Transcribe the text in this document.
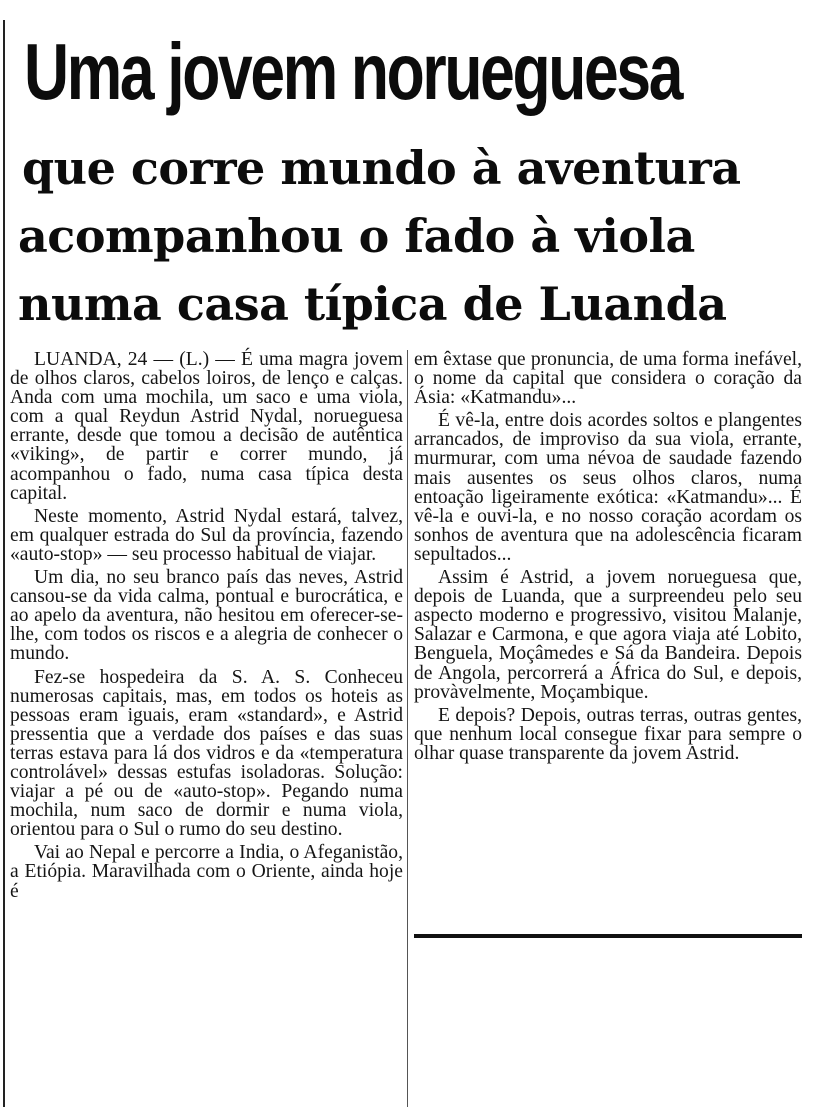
Uma jovem norueguesa
que corre mundo à aventura
acompanhou o fado à viola
numa casa típica de Luanda

LUANDA, 24 — (L.) — É uma magra jovem de olhos claros, cabelos loiros, de lenço e calças. Anda com uma mochila, um saco e uma viola, com a qual Reydun Astrid Nydal, norueguesa errante, desde que tomou a decisão de autêntica «viking», de partir e correr mundo, já acompanhou o fado, numa casa típica desta capital.

Neste momento, Astrid Nydal estará, talvez, em qualquer estrada do Sul da província, fazendo «auto-stop» — seu processo habitual de viajar.

Um dia, no seu branco país das neves, Astrid cansou-se da vida calma, pontual e burocrática, e ao apelo da aventura, não hesitou em oferecer-se-lhe, com todos os riscos e a alegria de conhecer o mundo.

Fez-se hospedeira da S. A. S. Conheceu numerosas capitais, mas, em todos os hoteis as pessoas eram iguais, eram «standard», e Astrid pressentia que a verdade dos países e das suas terras estava para lá dos vidros e da «temperatura controlável» dessas estufas isoladoras. Solução: viajar a pé ou de «auto-stop». Pegando numa mochila, num saco de dormir e numa viola, orientou para o Sul o rumo do seu destino.

Vai ao Nepal e percorre a India, o Afeganistão, a Etiópia. Maravilhada com o Oriente, ainda hoje é

em êxtase que pronuncia, de uma forma inefável, o nome da capital que considera o coração da Ásia: «Katmandu»...

É vê-la, entre dois acordes soltos e plangentes arrancados, de improviso da sua viola, errante, murmurar, com uma névoa de saudade fazendo mais ausentes os seus olhos claros, numa entoação ligeiramente exótica: «Katmandu»... É vê-la e ouvi-la, e no nosso coração acordam os sonhos de aventura que na adolescência ficaram sepultados...

Assim é Astrid, a jovem norueguesa que, depois de Luanda, que a surpreendeu pelo seu aspecto moderno e progressivo, visitou Malanje, Salazar e Carmona, e que agora viaja até Lobito, Benguela, Moçâmedes e Sá da Bandeira. Depois de Angola, percorrerá a África do Sul, e depois, provàvelmente, Moçambique.

E depois? Depois, outras terras, outras gentes, que nenhum local consegue fixar para sempre o olhar quase transparente da jovem Astrid.
